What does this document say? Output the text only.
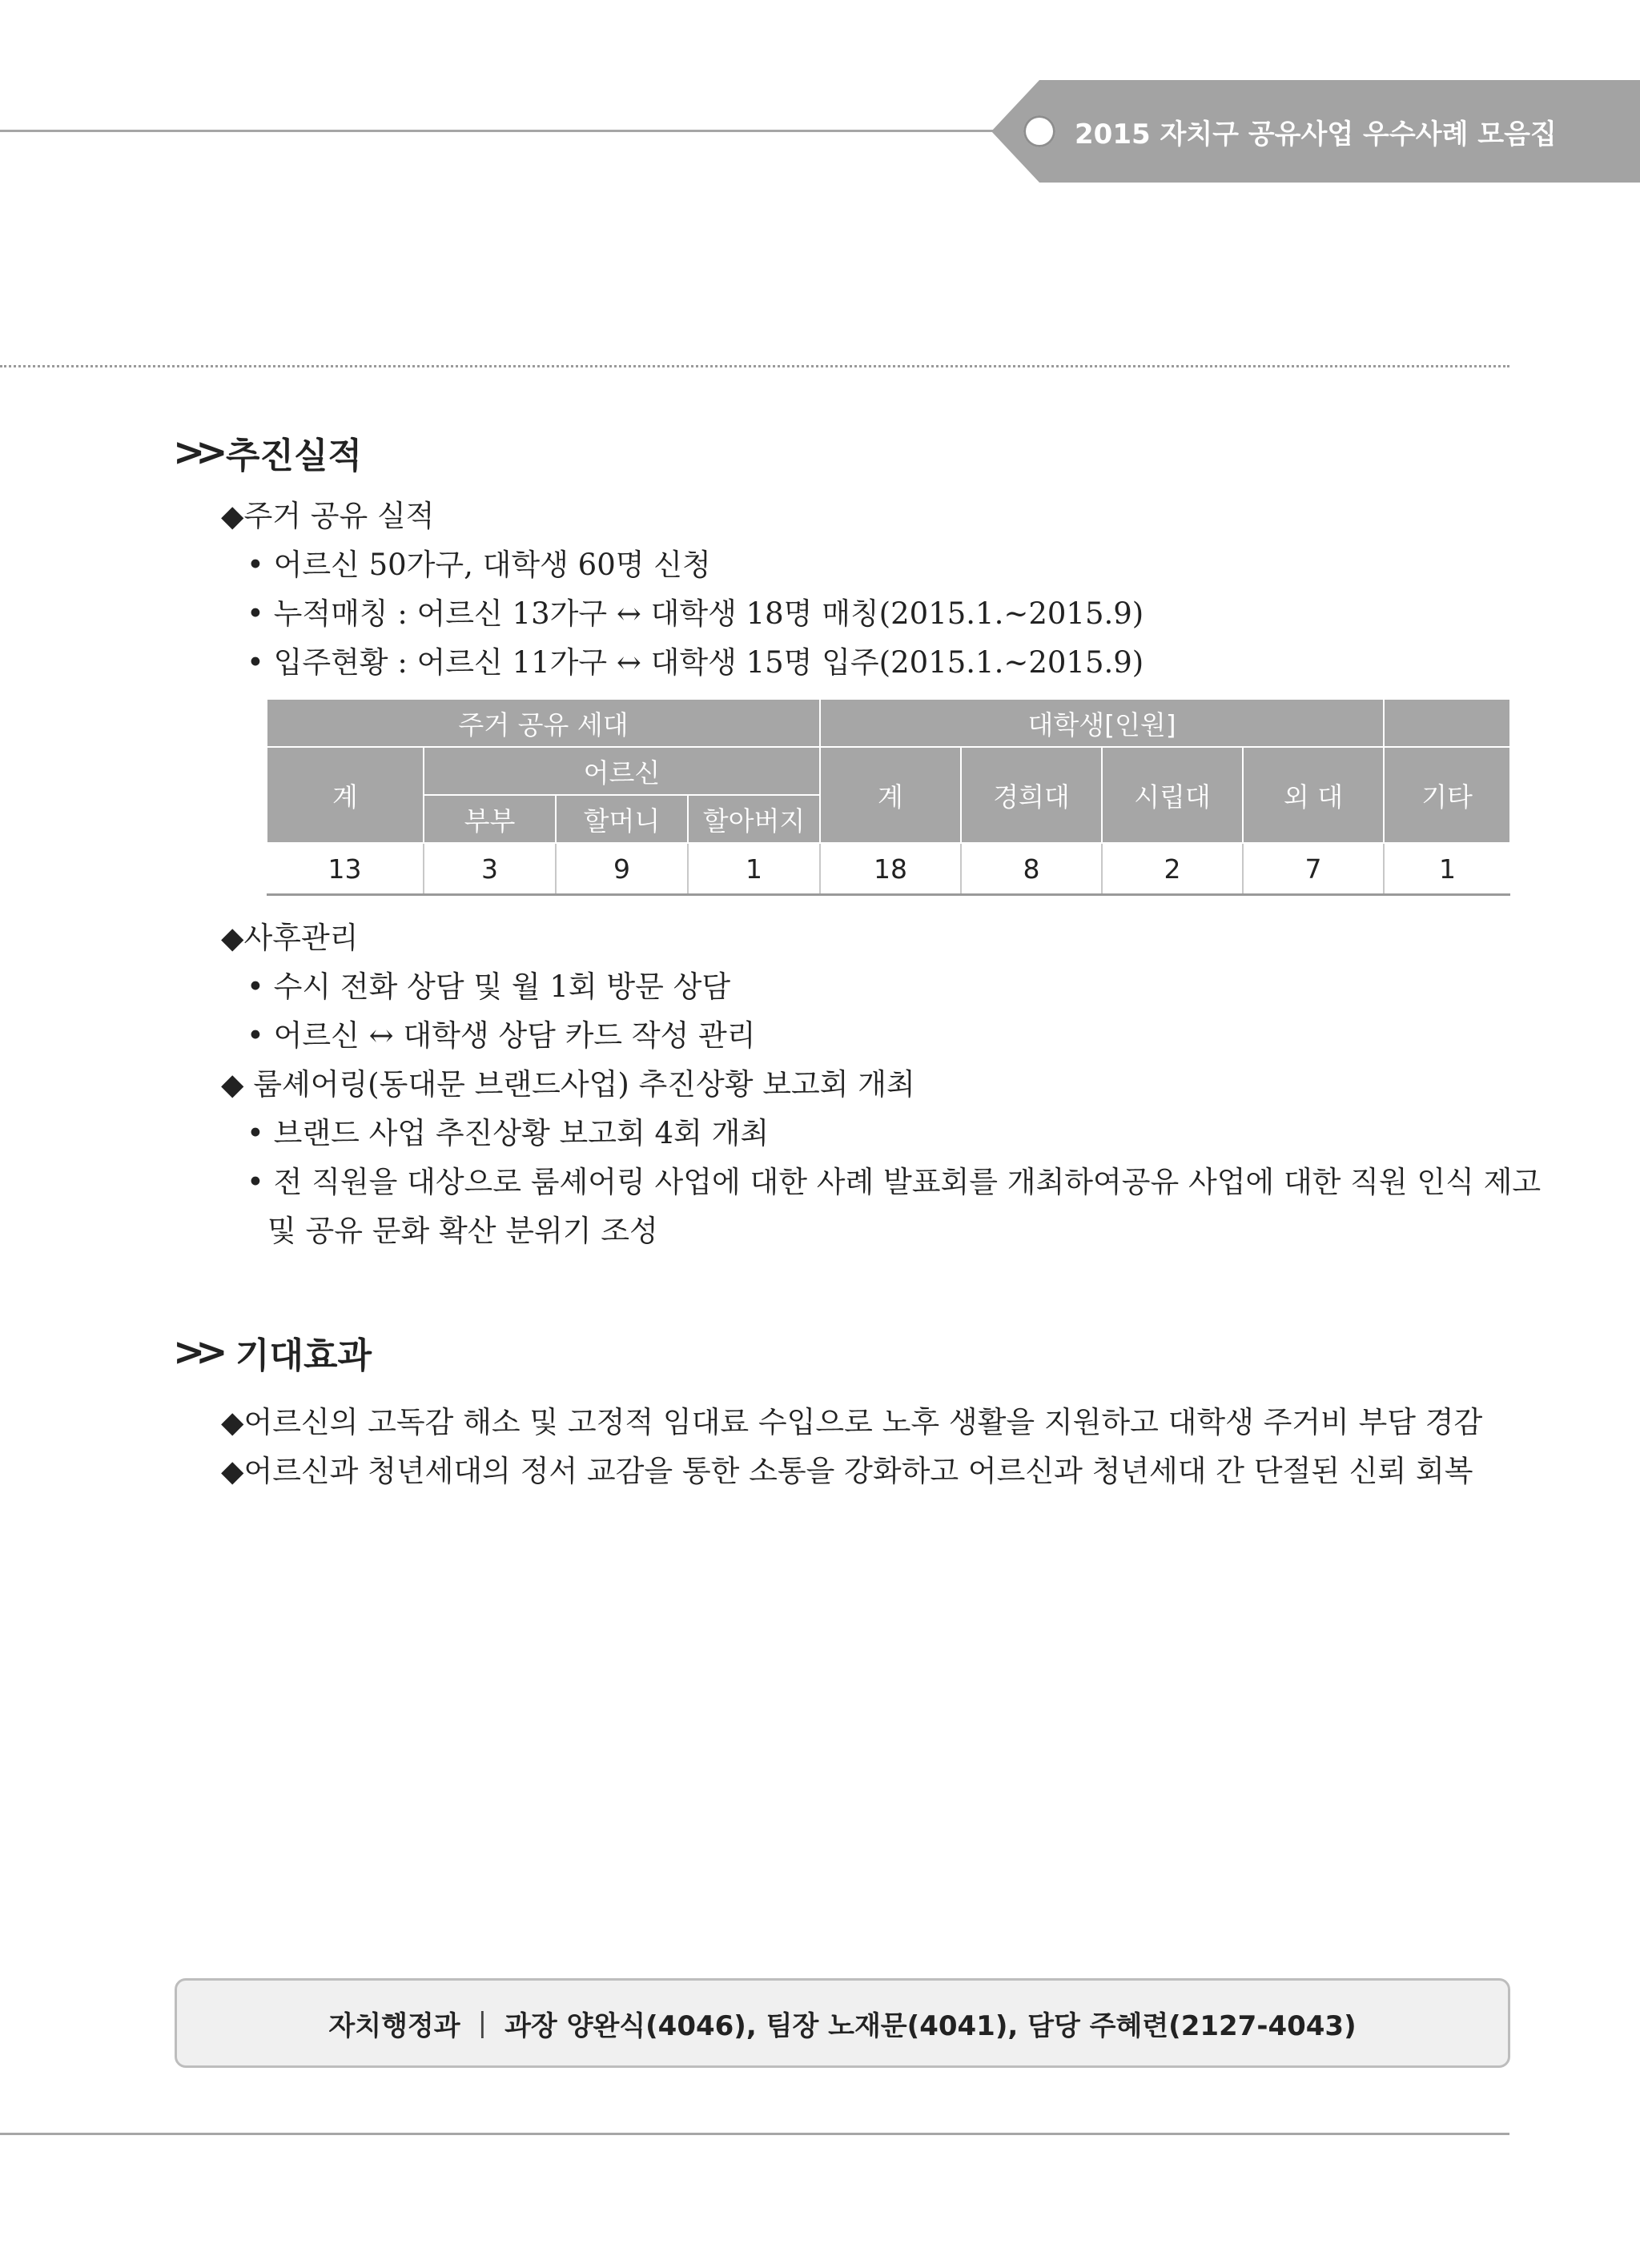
2015 자치구 공유사업 우수사례 모음집
>> 추진실적
◆주거 공유 실적
• 어르신 50가구, 대학생 60명 신청
• 누적매칭 : 어르신 13가구 ↔ 대학생 18명 매칭(2015.1.~2015.9)
• 입주현황 : 어르신 11가구 ↔ 대학생 15명 입주(2015.1.~2015.9)
주거 공유 세대				대학생[인원]				
계	어르신			계	경희대	시립대	외 대	기타
	부부	할머니	할아버지					
13	3	9	1	18	8	2	7	1
◆사후관리
• 수시 전화 상담 및 월 1회 방문 상담
• 어르신 ↔ 대학생 상담 카드 작성 관리
◆ 룸셰어링(동대문 브랜드사업) 추진상황 보고회 개최
• 브랜드 사업 추진상황 보고회 4회 개최
• 전 직원을 대상으로 룸셰어링 사업에 대한 사례 발표회를 개최하여공유 사업에 대한 직원 인식 제고
및 공유 문화 확산 분위기 조성
>> 기대효과
◆어르신의 고독감 해소 및 고정적 임대료 수입으로 노후 생활을 지원하고 대학생 주거비 부담 경감
◆어르신과 청년세대의 정서 교감을 통한 소통을 강화하고 어르신과 청년세대 간 단절된 신뢰 회복
자치행정과 | 과장 양완식(4046), 팀장 노재문(4041), 담당 주혜련(2127-4043)
